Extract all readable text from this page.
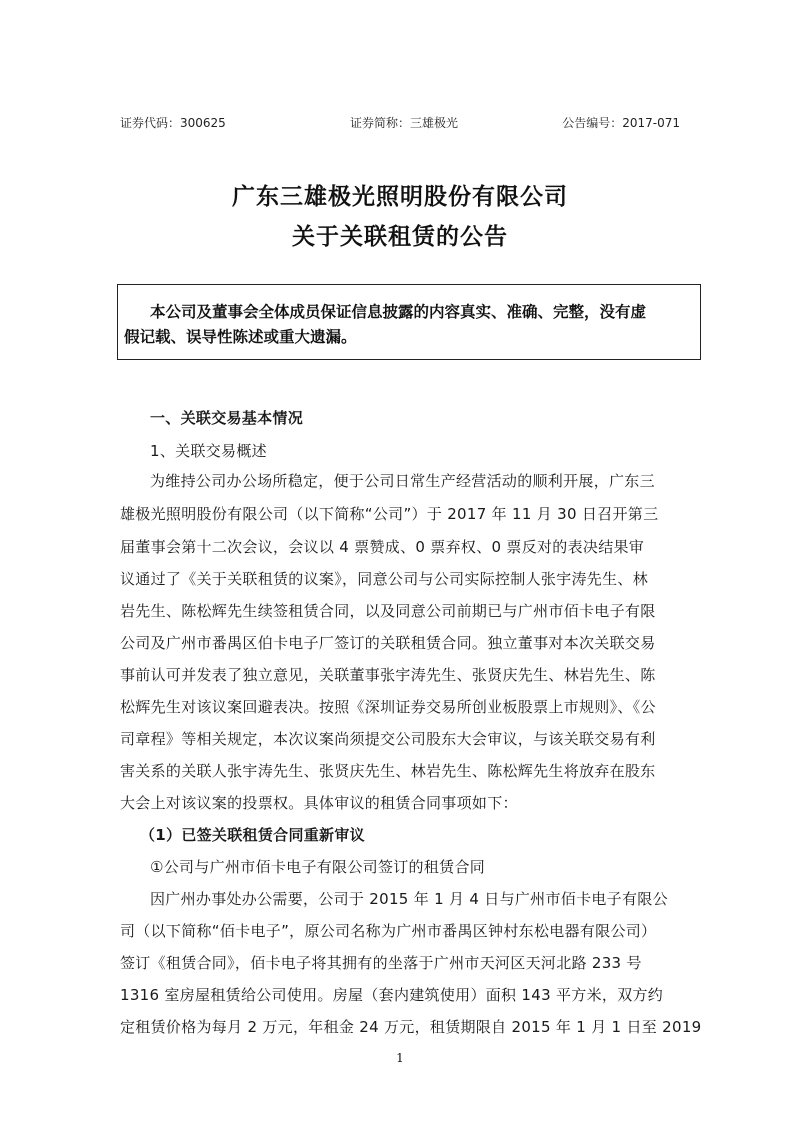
证券代码：300625	证券简称：三雄极光	公告编号：2017-071
广东三雄极光照明股份有限公司
关于关联租赁的公告

本公司及董事会全体成员保证信息披露的内容真实、准确、完整，没有虚

假记载、误导性陈述或重大遗漏。

一、关联交易基本情况
1、关联交易概述
为维持公司办公场所稳定，便于公司日常生产经营活动的顺利开展，广东三
雄极光照明股份有限公司（以下简称“公司”）于 2017 年 11 月 30 日召开第三
届董事会第十二次会议，会议以 4 票赞成、0 票弃权、0 票反对的表决结果审
议通过了《关于关联租赁的议案》，同意公司与公司实际控制人张宇涛先生、林
岩先生、陈松辉先生续签租赁合同，以及同意公司前期已与广州市佰卡电子有限
公司及广州市番禺区伯卡电子厂签订的关联租赁合同。独立董事对本次关联交易
事前认可并发表了独立意见，关联董事张宇涛先生、张贤庆先生、林岩先生、陈
松辉先生对该议案回避表决。按照《深圳证券交易所创业板股票上市规则》、《公
司章程》等相关规定，本次议案尚须提交公司股东大会审议，与该关联交易有利
害关系的关联人张宇涛先生、张贤庆先生、林岩先生、陈松辉先生将放弃在股东
大会上对该议案的投票权。具体审议的租赁合同事项如下：
（1）已签关联租赁合同重新审议
①公司与广州市佰卡电子有限公司签订的租赁合同
因广州办事处办公需要，公司于 2015 年 1 月 4 日与广州市佰卡电子有限公
司（以下简称“佰卡电子”，原公司名称为广州市番禺区钟村东松电器有限公司）
签订《租赁合同》，佰卡电子将其拥有的坐落于广州市天河区天河北路 233 号
1316 室房屋租赁给公司使用。房屋（套内建筑使用）面积 143 平方米，双方约
定租赁价格为每月 2 万元，年租金 24 万元，租赁期限自 2015 年 1 月 1 日至 2019
1
